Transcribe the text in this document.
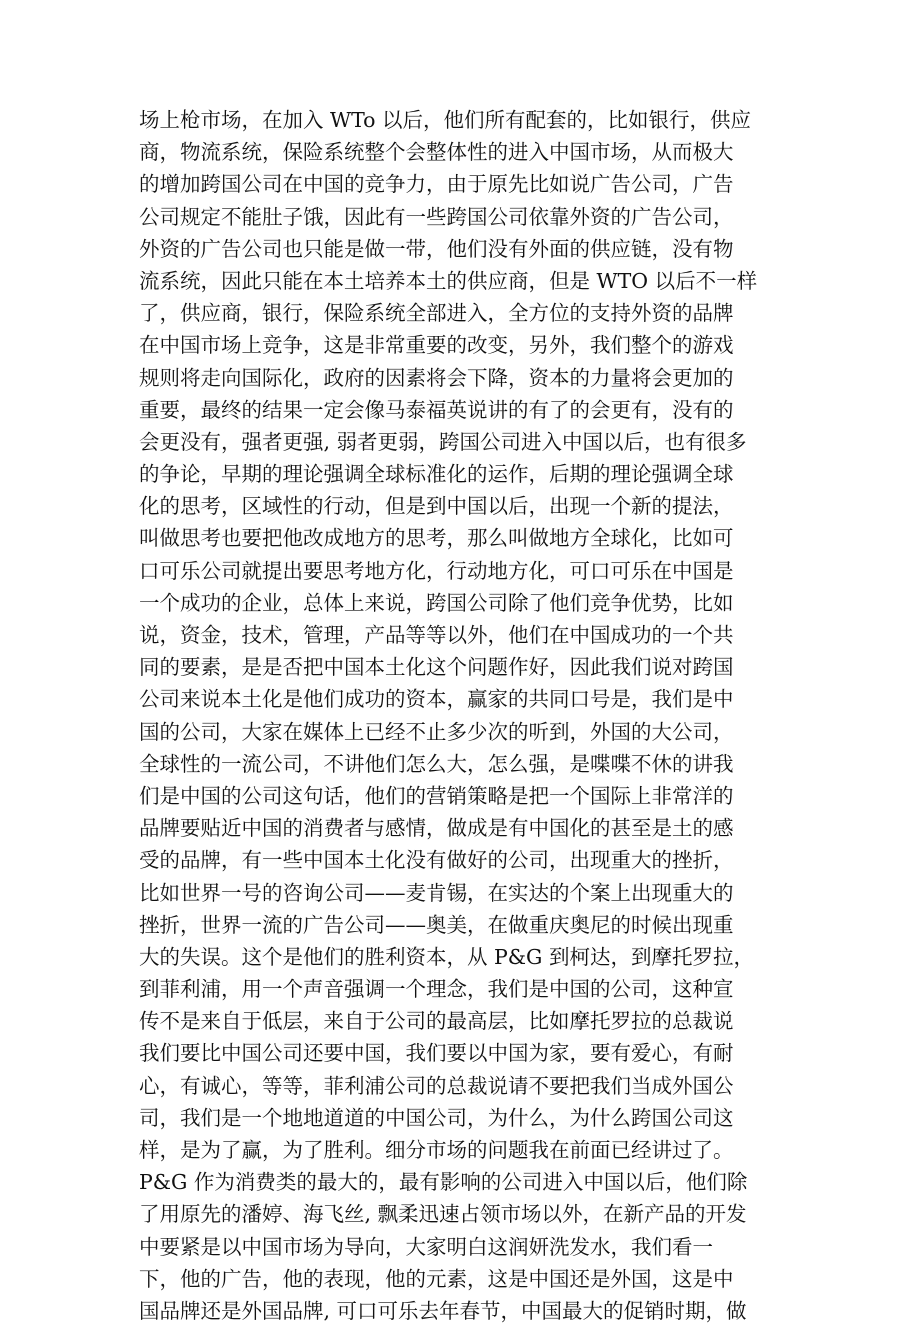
场上枪市场，在加入 WTo 以后，他们所有配套的，比如银行，供应
商，物流系统，保险系统整个会整体性的进入中国市场，从而极大
的增加跨国公司在中国的竞争力，由于原先比如说广告公司，广告
公司规定不能肚子饿，因此有一些跨国公司依靠外资的广告公司，
外资的广告公司也只能是做一带，他们没有外面的供应链，没有物
流系统，因此只能在本土培养本土的供应商，但是 WTO 以后不一样
了，供应商，银行，保险系统全部进入，全方位的支持外资的品牌
在中国市场上竞争，这是非常重要的改变，另外，我们整个的游戏
规则将走向国际化，政府的因素将会下降，资本的力量将会更加的
重要，最终的结果一定会像马泰福英说讲的有了的会更有，没有的
会更没有，强者更强, 弱者更弱，跨国公司进入中国以后，也有很多
的争论，早期的理论强调全球标准化的运作，后期的理论强调全球
化的思考，区域性的行动，但是到中国以后，出现一个新的提法，
叫做思考也要把他改成地方的思考，那么叫做地方全球化，比如可
口可乐公司就提出要思考地方化，行动地方化，可口可乐在中国是
一个成功的企业，总体上来说，跨国公司除了他们竞争优势，比如
说，资金，技术，管理，产品等等以外，他们在中国成功的一个共
同的要素，是是否把中国本土化这个问题作好，因此我们说对跨国
公司来说本土化是他们成功的资本，赢家的共同口号是，我们是中
国的公司，大家在媒体上已经不止多少次的听到，外国的大公司，
全球性的一流公司，不讲他们怎么大，怎么强，是喋喋不休的讲我
们是中国的公司这句话，他们的营销策略是把一个国际上非常洋的
品牌要贴近中国的消费者与感情，做成是有中国化的甚至是土的感
受的品牌，有一些中国本土化没有做好的公司，出现重大的挫折，
比如世界一号的咨询公司——麦肯锡，在实达的个案上出现重大的
挫折，世界一流的广告公司——奥美，在做重庆奥尼的时候出现重
大的失误。这个是他们的胜利资本，从 P&G 到柯达，到摩托罗拉，
到菲利浦，用一个声音强调一个理念，我们是中国的公司，这种宣
传不是来自于低层，来自于公司的最高层，比如摩托罗拉的总裁说
我们要比中国公司还要中国，我们要以中国为家，要有爱心，有耐
心，有诚心，等等，菲利浦公司的总裁说请不要把我们当成外国公
司，我们是一个地地道道的中国公司，为什么，为什么跨国公司这
样，是为了赢，为了胜利。细分市场的问题我在前面已经讲过了。
P&G 作为消费类的最大的，最有影响的公司进入中国以后，他们除
了用原先的潘婷、海飞丝, 飘柔迅速占领市场以外，在新产品的开发
中要紧是以中国市场为导向，大家明白这润妍洗发水，我们看一
下，他的广告，他的表现，他的元素，这是中国还是外国，这是中
国品牌还是外国品牌, 可口可乐去年春节，中国最大的促销时期，做
